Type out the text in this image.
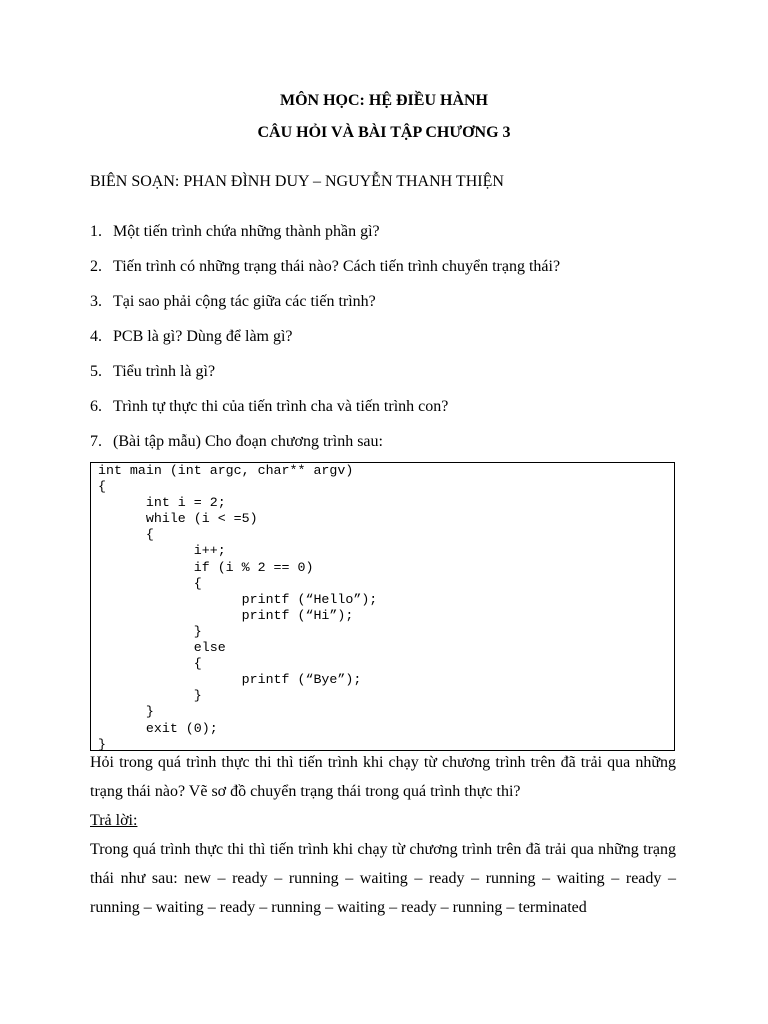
MÔN HỌC: HỆ ĐIỀU HÀNH
CÂU HỎI VÀ BÀI TẬP CHƯƠNG 3
BIÊN SOẠN: PHAN ĐÌNH DUY – NGUYỄN THANH THIỆN
1. Một tiến trình chứa những thành phần gì?
2. Tiến trình có những trạng thái nào? Cách tiến trình chuyển trạng thái?
3. Tại sao phải cộng tác giữa các tiến trình?
4. PCB là gì? Dùng để làm gì?
5. Tiểu trình là gì?
6. Trình tự thực thi của tiến trình cha và tiến trình con?
7. (Bài tập mẫu) Cho đoạn chương trình sau:
int main (int argc, char** argv)
{
int i = 2;
while (i < =5)
{
i++;
if (i % 2 == 0)
{
printf (“Hello”);
printf (“Hi”);
}
else
{
printf (“Bye”);
}
}
exit (0);
}
Hỏi trong quá trình thực thi thì tiến trình khi chạy từ chương trình trên đã trải qua những trạng thái nào? Vẽ sơ đồ chuyển trạng thái trong quá trình thực thi?
Trả lời:
Trong quá trình thực thi thì tiến trình khi chạy từ chương trình trên đã trải qua những trạng thái như sau: new – ready – running – waiting – ready – running – waiting – ready – running – waiting – ready – running – waiting – ready – running – terminated
